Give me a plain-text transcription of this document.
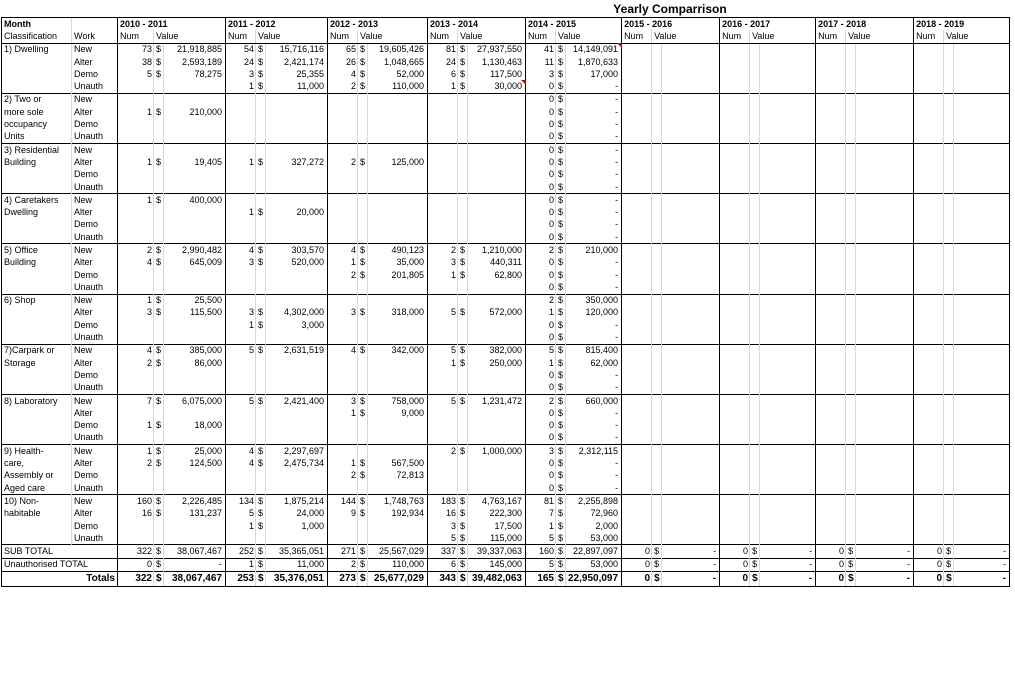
Yearly Comparrison
Month		2010 - 2011			2011 - 2012			2012 - 2013			2013 - 2014			2014 - 2015			2015 - 2016			2016 - 2017			2017 - 2018			2018 - 2019		
Classification	Work	Num	Value		Num	Value		Num	Value		Num	Value		Num	Value		Num	Value		Num	Value		Num	Value		Num	Value	
1) Dwelling	New	73	$	21,918,885	54	$	15,716,116	65	$	19,605,426	81	$	27,937,550	41	$	14,149,091												
	Alter	38	$	2,593,189	24	$	2,421,174	26	$	1,048,665	24	$	1,130,463	11	$	1,870,633												
	Demo	5	$	78,275	3	$	25,355	4	$	52,000	6	$	117,500	3	$	17,000												
	Unauth				1	$	11,000	2	$	110,000	1	$	30,000	0	$	-												
2) Two or	New													0	$	-												
more sole	Alter	1	$	210,000										0	$	-												
occupancy	Demo													0	$	-												
Units	Unauth													0	$	-												
3) Residential	New													0	$	-												
Building	Alter	1	$	19,405	1	$	327,272	2	$	125,000				0	$	-												
	Demo													0	$	-												
	Unauth													0	$	-												
4) Caretakers	New	1	$	400,000										0	$	-												
Dwelling	Alter				1	$	20,000							0	$	-												
	Demo													0	$	-												
	Unauth													0	$	-												
5) Office	New	2	$	2,990,482	4	$	303,570	4	$	490,123	2	$	1,210,000	2	$	210,000												
Building	Alter	4	$	645,009	3	$	520,000	1	$	35,000	3	$	440,311	0	$	-												
	Demo							2	$	201,805	1	$	62,800	0	$	-												
	Unauth													0	$	-												
6) Shop	New	1	$	25,500										2	$	350,000												
	Alter	3	$	115,500	3	$	4,302,000	3	$	318,000	5	$	572,000	1	$	120,000												
	Demo				1	$	3,000							0	$	-												
	Unauth													0	$	-												
7)Carpark or	New	4	$	385,000	5	$	2,631,519	4	$	342,000	5	$	382,000	5	$	815,400												
Storage	Alter	2	$	86,000							1	$	250,000	1	$	62,000												
	Demo													0	$	-												
	Unauth													0	$	-												
8) Laboratory	New	7	$	6,075,000	5	$	2,421,400	3	$	758,000	5	$	1,231,472	2	$	660,000												
	Alter							1	$	9,000				0	$	-												
	Demo	1	$	18,000										0	$	-												
	Unauth													0	$	-												
9) Health-	New	1	$	25,000	4	$	2,297,697				2	$	1,000,000	3	$	2,312,115												
care,	Alter	2	$	124,500	4	$	2,475,734	1	$	567,500				0	$	-												
Assembly or	Demo							2	$	72,813				0	$	-												
Aged care	Unauth													0	$	-												
10) Non-	New	160	$	2,226,485	134	$	1,875,214	144	$	1,748,763	183	$	4,763,167	81	$	2,255,898												
habitable	Alter	16	$	131,237	5	$	24,000	9	$	192,934	16	$	222,300	7	$	72,960												
	Demo				1	$	1,000				3	$	17,500	1	$	2,000												
	Unauth										5	$	115,000	5	$	53,000												
SUB TOTAL		322	$	38,067,467	252	$	35,365,051	271	$	25,567,029	337	$	39,337,063	160	$	22,897,097	0	$	-	0	$	-	0	$	-	0	$	-
Unauthorised TOTAL		0	$	-	1	$	11,000	2	$	110,000	6	$	145,000	5	$	53,000	0	$	-	0	$	-	0	$	-	0	$	-
Totals		322	$	38,067,467	253	$	35,376,051	273	$	25,677,029	343	$	39,482,063	165	$	22,950,097	0	$	-	0	$	-	0	$	-	0	$	-
